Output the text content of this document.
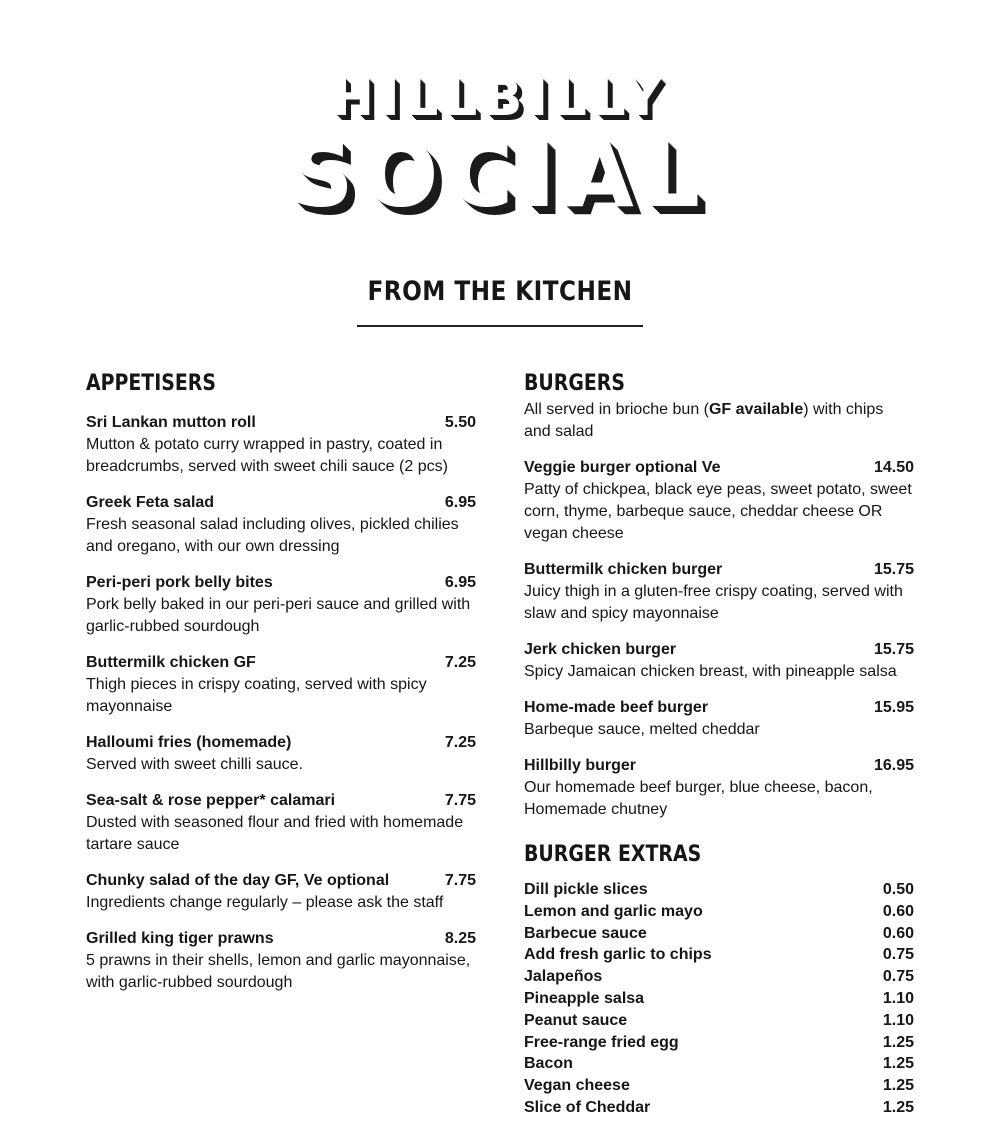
HILLBILLY
SOCIAL
FROM THE KITCHEN
APPETISERS
Sri Lankan mutton roll	5.50
Mutton & potato curry wrapped in pastry, coated in breadcrumbs, served with sweet chili sauce (2 pcs)
Greek Feta salad	6.95
Fresh seasonal salad including olives, pickled chilies and oregano, with our own dressing
Peri-peri pork belly bites	6.95
Pork belly baked in our peri-peri sauce and grilled with garlic-rubbed sourdough
Buttermilk chicken GF	7.25
Thigh pieces in crispy coating, served with spicy mayonnaise
Halloumi fries (homemade)	7.25
Served with sweet chilli sauce.
Sea-salt & rose pepper* calamari	7.75
Dusted with seasoned flour and fried with homemade tartare sauce
Chunky salad of the day GF, Ve optional	7.75
Ingredients change regularly – please ask the staff
Grilled king tiger prawns	8.25
5 prawns in their shells, lemon and garlic mayonnaise, with garlic-rubbed sourdough
BURGERS
All served in brioche bun (GF available) with chips and salad
Veggie burger optional Ve	14.50
Patty of chickpea, black eye peas, sweet potato, sweet corn, thyme, barbeque sauce, cheddar cheese OR vegan cheese
Buttermilk chicken burger	15.75
Juicy thigh in a gluten-free crispy coating, served with slaw and spicy mayonnaise
Jerk chicken burger	15.75
Spicy Jamaican chicken breast, with pineapple salsa
Home-made beef burger	15.95
Barbeque sauce, melted cheddar
Hillbilly burger	16.95
Our homemade beef burger, blue cheese, bacon, Homemade chutney
BURGER EXTRAS
Dill pickle slices	0.50
Lemon and garlic mayo	0.60
Barbecue sauce	0.60
Add fresh garlic to chips	0.75
Jalapeños	0.75
Pineapple salsa	1.10
Peanut sauce	1.10
Free-range fried egg	1.25
Bacon	1.25
Vegan cheese	1.25
Slice of Cheddar	1.25
